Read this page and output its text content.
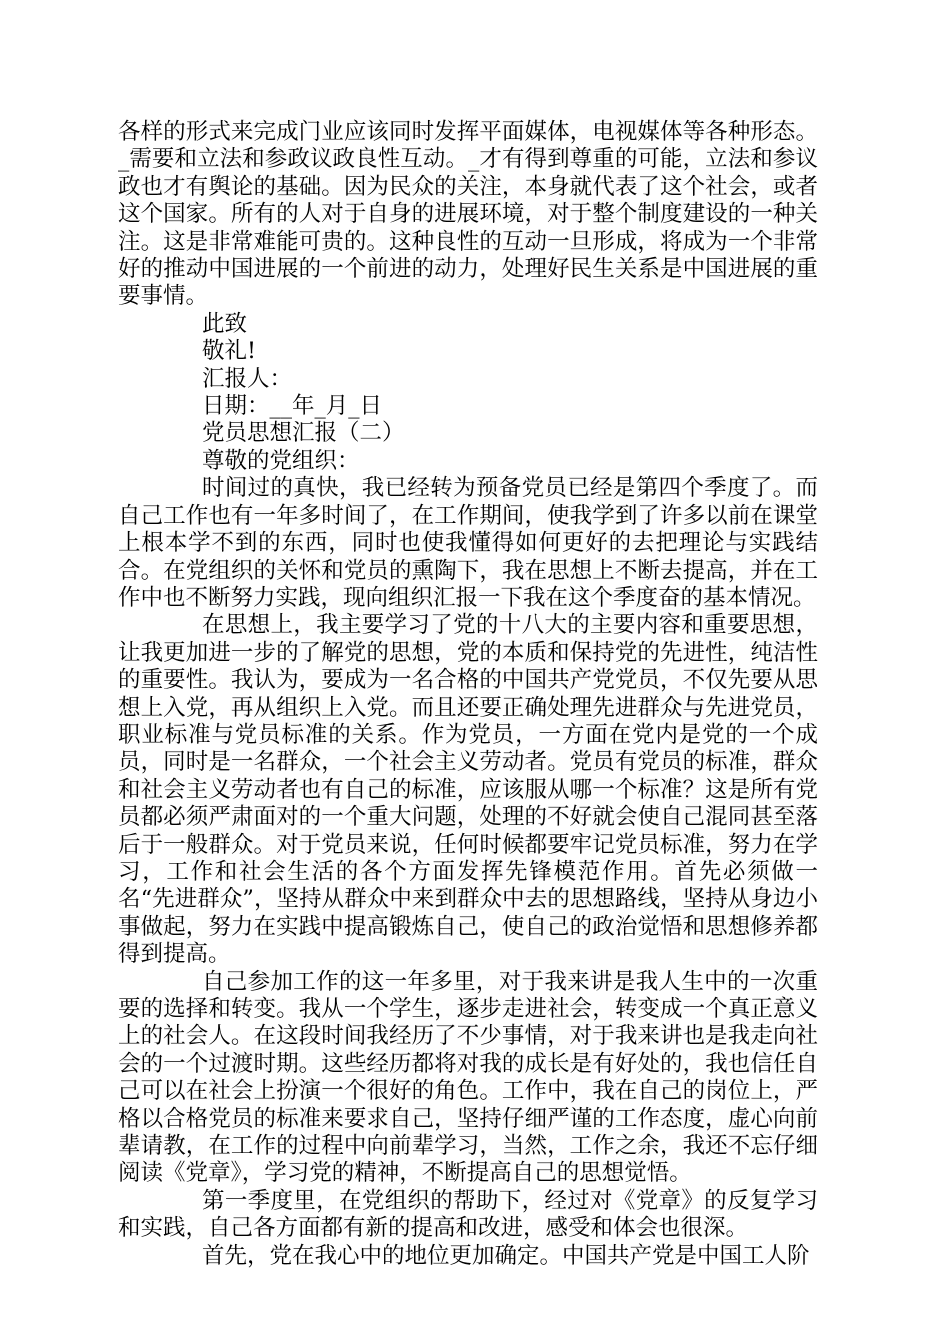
各样的形式来完成门业应该同时发挥平面媒体，电视媒体等各种形态。_需要和立法和参政议政良性互动。_才有得到尊重的可能，立法和参议政也才有舆论的基础。因为民众的关注，本身就代表了这个社会，或者这个国家。所有的人对于自身的进展环境，对于整个制度建设的一种关注。这是非常难能可贵的。这种良性的互动一旦形成，将成为一个非常好的推动中国进展的一个前进的动力，处理好民生关系是中国进展的重要事情。

此致

敬礼!

汇报人：

日期：__年_月_日

党员思想汇报（二）

尊敬的党组织：

时间过的真快，我已经转为预备党员已经是第四个季度了。而自己工作也有一年多时间了，在工作期间，使我学到了许多以前在课堂上根本学不到的东西，同时也使我懂得如何更好的去把理论与实践结合。在党组织的关怀和党员的熏陶下，我在思想上不断去提高，并在工作中也不断努力实践，现向组织汇报一下我在这个季度奋的基本情况。

在思想上，我主要学习了党的十八大的主要内容和重要思想，让我更加进一步的了解党的思想，党的本质和保持党的先进性，纯洁性的重要性。我认为，要成为一名合格的中国共产党党员，不仅先要从思想上入党，再从组织上入党。而且还要正确处理先进群众与先进党员，职业标准与党员标准的关系。作为党员，一方面在党内是党的一个成员，同时是一名群众，一个社会主义劳动者。党员有党员的标准，群众和社会主义劳动者也有自己的标准，应该服从哪一个标准？这是所有党员都必须严肃面对的一个重大问题，处理的不好就会使自己混同甚至落后于一般群众。对于党员来说，任何时候都要牢记党员标准，努力在学习，工作和社会生活的各个方面发挥先锋模范作用。首先必须做一名“先进群众”，坚持从群众中来到群众中去的思想路线，坚持从身边小事做起，努力在实践中提高锻炼自己，使自己的政治觉悟和思想修养都得到提高。

自己参加工作的这一年多里，对于我来讲是我人生中的一次重要的选择和转变。我从一个学生，逐步走进社会，转变成一个真正意义上的社会人。在这段时间我经历了不少事情，对于我来讲也是我走向社会的一个过渡时期。这些经历都将对我的成长是有好处的，我也信任自己可以在社会上扮演一个很好的角色。工作中，我在自己的岗位上，严格以合格党员的标准来要求自己，坚持仔细严谨的工作态度，虚心向前辈请教，在工作的过程中向前辈学习，当然，工作之余，我还不忘仔细阅读《党章》，学习党的精神，不断提高自己的思想觉悟。

第一季度里，在党组织的帮助下，经过对《党章》的反复学习和实践，自己各方面都有新的提高和改进，感受和体会也很深。

首先，党在我心中的地位更加确定。中国共产党是中国工人阶
